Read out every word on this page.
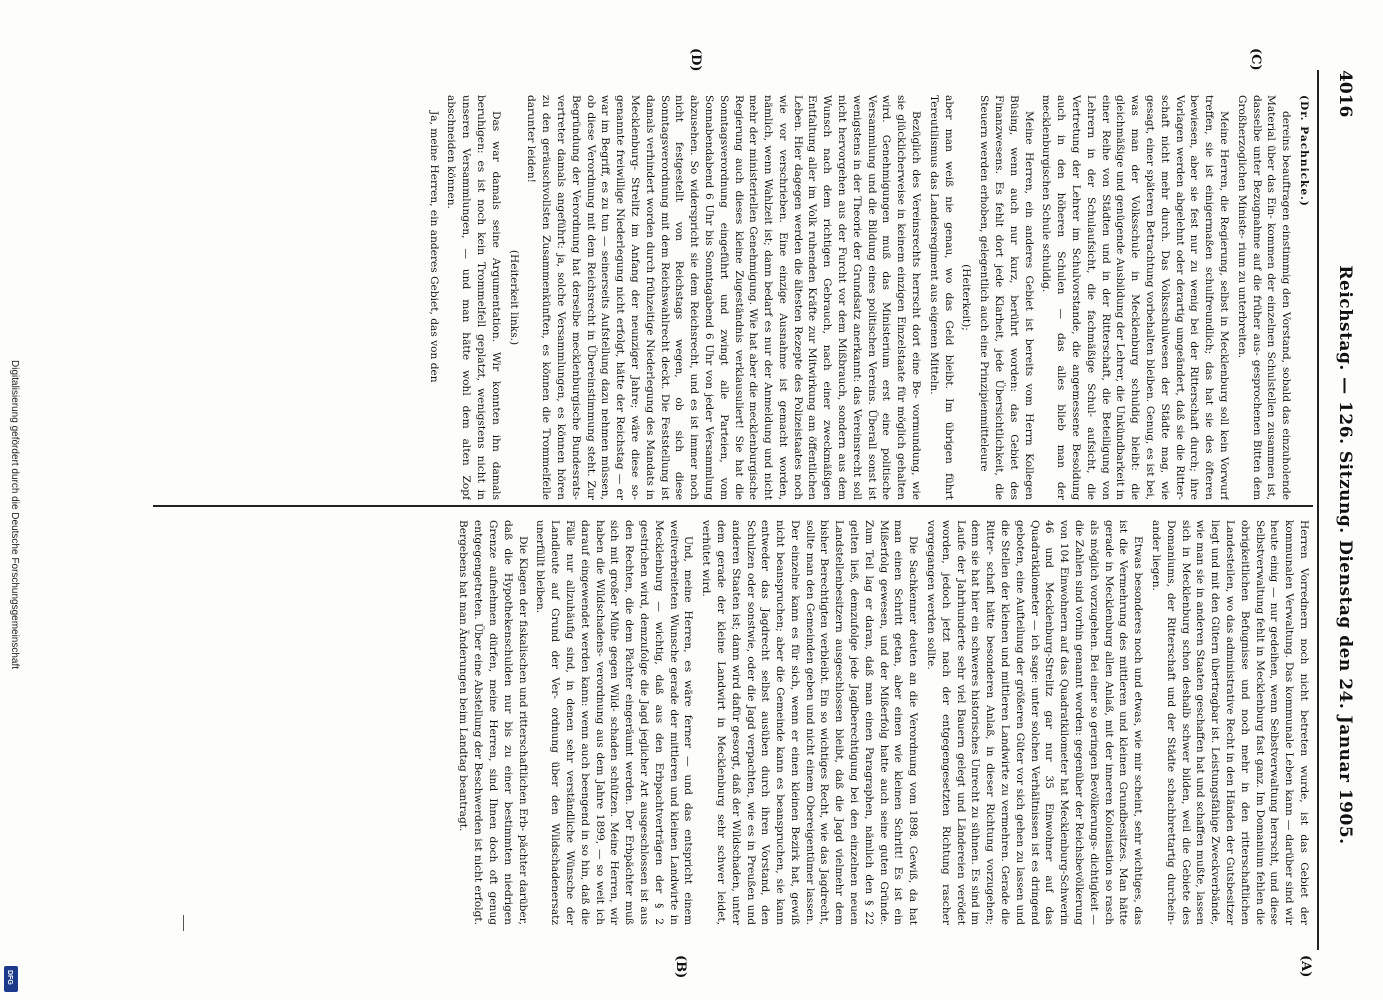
4016
Reichstag. — 126. Sitzung. Dienstag den 24. Januar 1905.
(C)
(D)
(A)
(B)

(Dr. Pachnicke.)

dereins beauftragen einstimmig den Vorstand, sobald das einzuholende Material über das Ein- kommen der einzelnen Schulstellen zusammen ist, dasselbe unter Bezugnahme auf die früher aus- gesprochenen Bitten dem Großherzoglichen Ministe- rium zu unterbreiten.

Meine Herren, die Regierung, selbst in Mecklenburg soll kein Vorwurf treffen, sie ist einigermaßen schulfreundlich; das hat sie des öfteren bewiesen, aber sie fest nur zu wenig bei der Ritterschaft durch; ihre Vorlagen werden abgelehnt oder derartig umgeändert, daß sie die Ritter- schaft nicht mehr durch. Das Volksschulwesen der Städte mag, wie gesagt, einer späteren Betrachtung vorbehalten bleiben. Genug, es ist bei, was man der Volksschule in Mecklenburg schuldig bleibt: die gleichmäßige und genügende Ausbildung der Lehrer, die Unkündbarkeit in einer Reihe von Städten und in der Ritterschaft, die Beteiligung von Lehrern in der Schulaufsicht, die fachmäßige Schul- aufsicht, die Vertretung der Lehrer im Schulvorstande, die angemessene Besoldung auch in den höheren Schulen — das alles blieb man der mecklenburgischen Schule schuldig.

Meine Herren, ein anderes Gebiet ist bereits vom Herrn Kollegen Büsing, wenn auch nur kurz, berührt worden: das Gebiet des Finanzwesens. Es fehlt dort jede Klarheit, jede Übersichtlichkeit, die Steuern werden erhoben, gelegentlich auch eine Prinzipienmitteleure

(Heiterkeit);

aber man weiß nie genau, wo das Geld bleibt. Im übrigen führt Tereutilismus das Landesregiment aus eigenen Mitteln.

Bezüglich des Vereinsrechts herrscht dort eine Be- vormundung, wie sie glücklicherweise in keinem einzigen Einzelstaate für möglich gehalten wird. Genehmigungen muß das Ministerium erst eine politische Versammlung und die Bildung eines politischen Vereins. Überall sonst ist wenigstens in der Theorie der Grundsatz anerkannt: das Vereinsrecht soll nicht hervorgehen aus der Furcht vor dem Mißbrauch, sondern aus dem Wunsch nach dem richtigen Gebrauch, nach einer zweckmäßigen Entfaltung aller im Volk ruhenden Kräfte zur Mitwirkung am öffentlichen Leben. Hier dagegen werden die ältesten Rezepte des Polizeistaates noch wie vor verschrieben. Eine einzige Ausnahme ist gemacht worden, nämlich, wenn Wahlzeit ist; dann bedarf es nur der Anmeldung und nicht mehr der ministeriellen Genehmigung. Wie hat aber die mecklenburgische Regierung auch dieses kleine Zugeständnis verklausuliert! Sie hat die Sonntagsverordnung eingeführt und zwingt alle Parteien, vom Sonnabendabend 6 Uhr bis Sonntagabend 6 Uhr von jeder Versammlung abzusehen. So widerspricht sie dem Reichsrecht, und es ist immer noch nicht festgestellt von Reichstags wegen, ob sich diese Sonntagsverordnung mit dem Reichswahlrecht deckt. Die Feststellung ist damals verhindert worden durch frühzeitige Niederlegung des Mandats in Mecklenburg- Strelitz im Anfang der neunziger Jahre; wäre diese so- genannte freiwillige Niederlegung nicht erfolgt, hätte der Reichstag — er war im Begriff, es zu tun — seinerseits Aufstellung dazu nehmen müssen, ob diese Verordnung mit dem Reichsrecht in Übereinstimmung steht. Zur Begründung der Verordnung hat derselbe mecklenburgische Bundesrats- vertreter damals angeführt: ja, solche Versammlungen, es können hören zu den geräuschvollsten Zusammenkünften, es können die Trommelfelle darunter leiden!

(Heiterkeit links.)

Das war damals seine Argumentation. Wir konnten ihn damals beruhigen: es ist noch kein Trommelfell geplatzt, wenigstens nicht in unseren Versammlungen, — und man hätte wohl dem alten Zopf abschneiden können.

Ja, meine Herren, ein anderes Gebiet, das von den

Herren Vorrednern noch nicht betreten wurde, ist das Gebiet der kommunalen Verwaltung. Das kommunale Leben kann — darüber sind wir heute einig — nur gedeihen, wenn Selbstverwaltung herrscht, und diese Selbstverwaltung fehlt in Mecklenburg fast ganz. Im Domanium fehlen die obrigkeitlichen Befugnisse und noch mehr in den ritterschaftlichen Landesteilen, wo das administrative Recht in den Händen der Gutsbesitzer liegt und mit den Gütern übertragbar ist. Leistungsfähige Zweckverbände, wie man sie in anderen Staaten geschaffen hat und schaffen mußte, lassen sich in Mecklenburg schon deshalb schwer bilden, weil die Gebiete des Domaniums, der Ritterschaft und der Städte schachbrettartig durchein- ander liegen.

Etwas besonderes noch und etwas, wie mir scheint, sehr wichtiges, das ist die Vermehrung des mittleren und kleinen Grundbesitzes. Man hätte gerade in Mecklenburg allen Anlaß, mit der inneren Kolonisation so rasch als möglich vorzugehen. Bei einer so geringen Bevölkerungs- dichtigkeit — die Zahlen sind vorhin genannt worden: gegenüber der Reichsbevölkerung von 104 Einwohnern auf das Quadratkilometer hat Mecklenburg-Schwerin 46 und Mecklenburg-Strelitz gar nur 35 Einwohner auf das Quadratkilometer — ich sage: unter solchen Verhältnissen ist es dringend geboten, eine Aufteilung der größeren Güter vor sich gehen zu lassen und die Stellen der kleinen und mittleren Landwirte zu vermehren. Gerade die Ritter- schaft hätte besonderen Anlaß, in dieser Richtung vorzugehen; denn sie hat hier ein schweres historisches Unrecht zu sühnen. Es sind im Laufe der Jahrhunderte sehr viel Bauern gelegt und Ländereien verödet worden, jedoch jetzt nach der entgegengesetzten Richtung rascher vorgegangen werden sollte.

Die Sachkenner deuten an die Verordnung vom 1898. Gewiß, da hat man einen Schritt getan, aber einen wie kleinen Schritt! Es ist ein Mißerfolg gewesen, und der Mißerfolg hatte auch seine guten Gründe. Zum Teil lag er daran, daß man einen Paragraphen, nämlich den § 22 gelten ließ, demzufolge jede Jagdberechtigung bei den einzelnen neuen Landstellenbesitzern ausgeschlossen bleibt, daß die Jagd vielmehr dem bisher Berechtigten verbleibt. Ein so wichtiges Recht, wie das Jagdrecht, sollte man den Gemeinden geben und nicht einem Obereigentümer lassen. Der einzelne kann es für sich, wenn er einen kleinen Bezirk hat, gewiß nicht beanspruchen; aber die Gemeinde kann es beanspruchen, sie kann entweder das Jagdrecht selbst ausüben durch ihren Vorstand, den Schulzen oder sonstwie, oder die Jagd verpachten, wie es in Preußen und anderen Staaten ist; dann wird dafür gesorgt, daß der Wildschaden, unter dem gerade der kleine Landwirt in Mecklenburg sehr schwer leidet, verhütet wird.

Und, meine Herren, es wäre ferner — und das entspricht einem weitverbreiteten Wunsche gerade der mittleren und kleinen Landwirte in Mecklenburg — wichtig, daß aus den Erbpachtverträgen der § 2 gestrichen wird, demzufolge die Jagd jeglicher Art ausgeschlossen ist aus den Rechten, die dem Pächter eingeräumt werden. Der Erbpächter muß sich mit großer Mühe gegen Wild- schaden schützen. Meine Herren, wir haben die Wildschadens- verordnung aus dem Jahre 1899, — so weit ich darauf eingewendet werden kann: wenn auch beengend in so hin, daß die Fälle nur allzuhäufig sind, in denen sehr verständliche Wünsche der Landleute auf Grund der Ver- ordnung über den Wildschadenersatz unerfüllt bleiben.

Die Klagen der fiskalischen und ritterschaftlichen Erb- pächter darüber, daß die Hypothekenschulden nur bis zu einer bestimmten niedrigen Grenze aufnehmen dürfen, meine Herren, sind Ihnen doch oft genug entgegengetreten. Über eine Abstellung der Beschwerden ist nicht erfolgt. Bergebens hat man Änderungen beim Landtag beantragt.

Digitalisierung gefördert durch die Deutsche Forschungsgemeinschaft
DFG
